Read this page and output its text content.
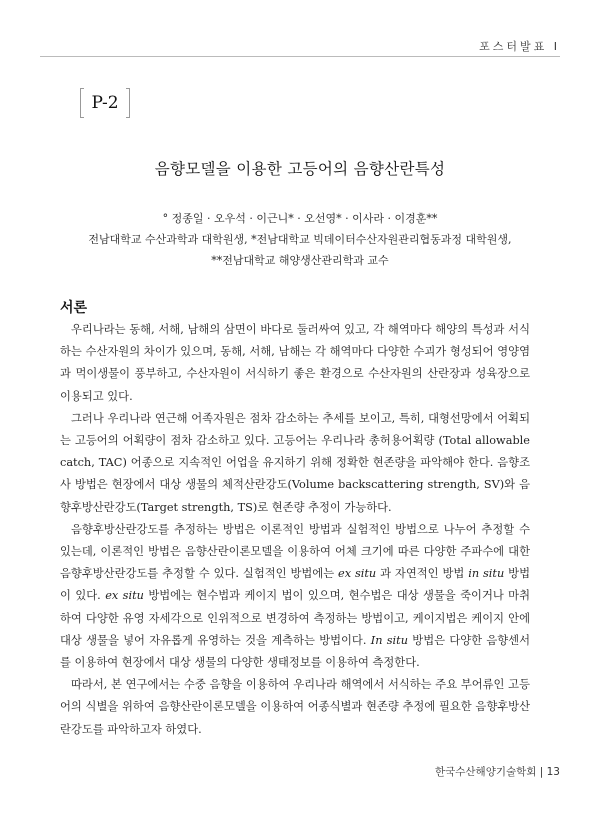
포스터발표 I
P-2
음향모델을 이용한 고등어의 음향산란특성
° 정종일 · 오우석 · 이근니* · 오선영* · 이사라 · 이경훈**
전남대학교 수산과학과 대학원생, *전남대학교 빅데이터수산자원관리협동과정 대학원생,
**전남대학교 해양생산관리학과 교수
서론

우리나라는 동해, 서해, 남해의 삼면이 바다로 둘러싸여 있고, 각 해역마다 해양의 특성과 서식하는 수산자원의 차이가 있으며, 동해, 서해, 남해는 각 해역마다 다양한 수괴가 형성되어 영양염과 먹이생물이 풍부하고, 수산자원이 서식하기 좋은 환경으로 수산자원의 산란장과 성육장으로 이용되고 있다.

그러나 우리나라 연근해 어족자원은 점차 감소하는 추세를 보이고, 특히, 대형선망에서 어획되는 고등어의 어획량이 점차 감소하고 있다. 고등어는 우리나라 총허용어획량 (Total allowable catch, TAC) 어종으로 지속적인 어업을 유지하기 위해 정확한 현존량을 파악해야 한다. 음향조사 방법은 현장에서 대상 생물의 체적산란강도(Volume backscattering strength, SV)와 음향후방산란강도(Target strength, TS)로 현존량 추정이 가능하다.

음향후방산란강도를 추정하는 방법은 이론적인 방법과 실험적인 방법으로 나누어 추정할 수 있는데, 이론적인 방법은 음향산란이론모델을 이용하여 어체 크기에 따른 다양한 주파수에 대한 음향후방산란강도를 추정할 수 있다. 실험적인 방법에는 ex situ 과 자연적인 방법 in situ 방법이 있다. ex situ 방법에는 현수법과 케이지 법이 있으며, 현수법은 대상 생물을 죽이거나 마취하여 다양한 유영 자세각으로 인위적으로 변경하여 측정하는 방법이고, 케이지법은 케이지 안에 대상 생물을 넣어 자유롭게 유영하는 것을 계측하는 방법이다. In situ 방법은 다양한 음향센서를 이용하여 현장에서 대상 생물의 다양한 생태정보를 이용하여 측정한다.

따라서, 본 연구에서는 수중 음향을 이용하여 우리나라 해역에서 서식하는 주요 부어류인 고등어의 식별을 위하여 음향산란이론모델을 이용하여 어종식별과 현존량 추정에 필요한 음향후방산란강도를 파악하고자 하였다.

한국수산해양기술학회 | 13
